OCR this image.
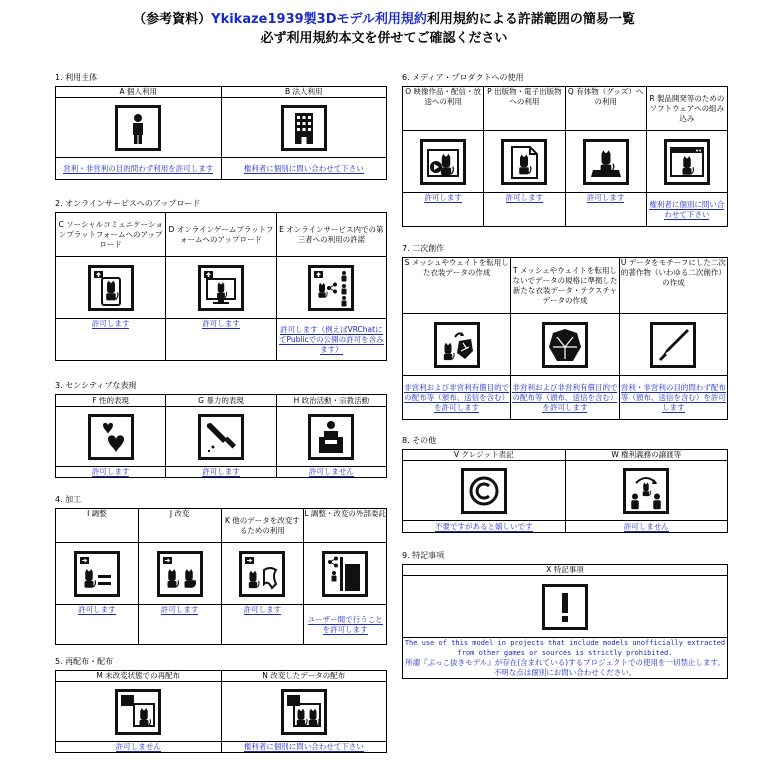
（参考資料）Ykikaze1939製3Dモデル利用規約利用規約による許諾範囲の簡易一覧
必ず利用規約本文を併せてご確認ください
1. 利用主体
A 個人利用	B 法人利用

営利・非営利の目的問わず利用を許可します	権利者に個別に問い合わせて下さい
2. オンラインサービスへのアップロード
C ソーシャルコミュニケーションプラットフォームへのアップロード	D オンラインゲームプラットフォームへのアップロード	E オンラインサービス内での第三者への利用の許諾

許可します	許可します	許可します（例えばVRChatにてPublicでの公開の許可を含みます）
3. センシティブな表現
F 性的表現	G 暴力的表現	H 政治活動・宗教活動

許可します	許可します	許可しません
4. 加工
I 調整	J 改変	K 他のデータを改変するための利用	L 調整・改変の外部委託

許可します	許可します	許可します	ユーザー間で行うことを許可します
5. 再配布・配布
M 未改変状態での再配布	N 改変したデータの配布

許可しません	権利者に個別に問い合わせて下さい
6. メディア・プロダクトへの使用
O 映像作品・配信・放送への利用	P 出版物・電子出版物への利用	Q 有体物（グッズ）への利用	R 製品開発等のためのソフトウェアへの組み込み

許可します	許可します	許可します	権利者に個別に問い合わせて下さい
7. 二次創作
S メッシュやウェイトを転用した衣装データの作成	T メッシュやウェイトを転用しないでデータの規格に準拠した新たな衣装データ・テクスチャデータの作成	U データをモチーフにした二次的著作物（いわゆる二次創作）の作成

非営利および非営利有償目的での配布等（頒布、送信を含む）を許可します	非営利および非営利有償目的での配布等（頒布、送信を含む）を許可します	営利・非営利の目的問わず配布等（頒布、送信を含む）を許可します
8. その他
V クレジット表記	W 権利義務の譲渡等

不要ですがあると嬉しいです	許可しません
9. 特記事項
X 特記事項

The use of this model in projects that include models unofficially extracted from other games or sources is strictly prohibited.
所謂『ぶっこ抜きモデル』が存在(含まれている)するプロジェクトでの使用を一切禁止します。
不明な点は個別にお問い合わせください。
